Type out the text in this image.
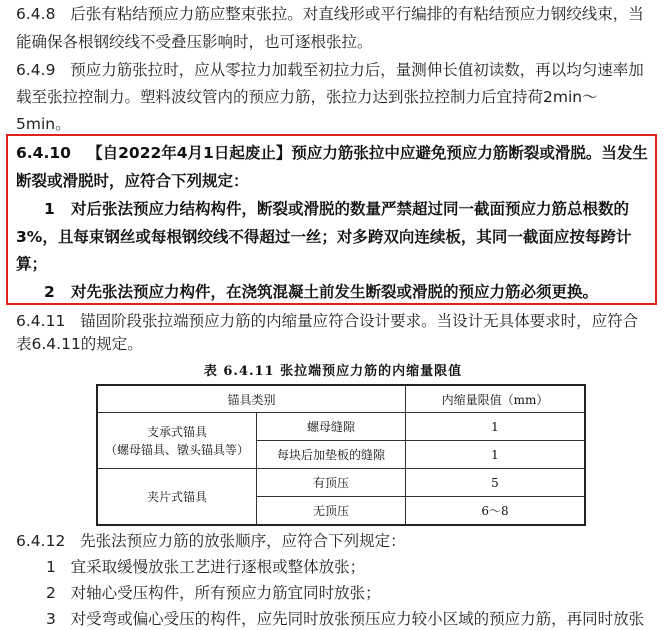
6.4.8 后张有粘结预应力筋应整束张拉。对直线形或平行编排的有粘结预应力钢绞线束，当
能确保各根钢绞线不受叠压影响时，也可逐根张拉。
6.4.9 预应力筋张拉时，应从零拉力加载至初拉力后，量测伸长值初读数，再以均匀速率加
载至张拉控制力。塑料波纹管内的预应力筋，张拉力达到张拉控制力后宜持荷2min～
5min。
6.4.10 【自2022年4月1日起废止】预应力筋张拉中应避免预应力筋断裂或滑脱。当发生
断裂或滑脱时，应符合下列规定：
1 对后张法预应力结构构件，断裂或滑脱的数量严禁超过同一截面预应力筋总根数的
3%，且每束钢丝或每根钢绞线不得超过一丝；对多跨双向连续板，其同一截面应按每跨计
算；
2 对先张法预应力构件，在浇筑混凝土前发生断裂或滑脱的预应力筋必须更换。
6.4.11 锚固阶段张拉端预应力筋的内缩量应符合设计要求。当设计无具体要求时，应符合
表6.4.11的规定。
表 6.4.11 张拉端预应力筋的内缩量限值
锚具类别		内缩量限值（mm）

支承式锚具
（螺母锚具、镦头锚具等）	螺母缝隙	1
	每块后加垫板的缝隙	1

夹片式锚具	有顶压	5
	无顶压	6～8
6.4.12 先张法预应力筋的放张顺序，应符合下列规定：
1 宜采取缓慢放张工艺进行逐根或整体放张；
2 对轴心受压构件，所有预应力筋宜同时放张；
3 对受弯或偏心受压的构件，应先同时放张预压应力较小区域的预应力筋，再同时放张
